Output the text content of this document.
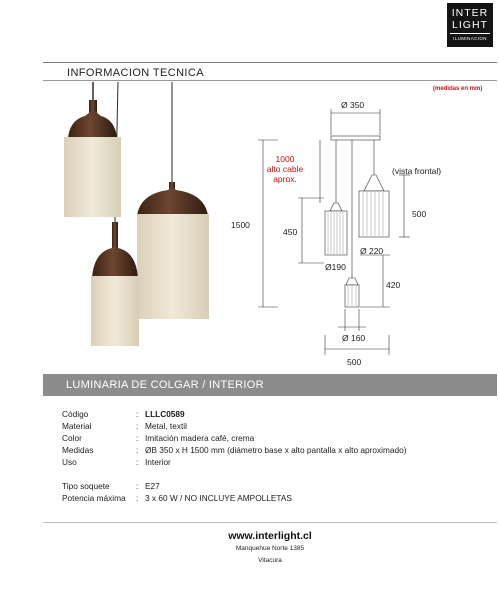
INTER
LIGHT
ILUMINACION
INFORMACION TECNICA
(medidas en mm)
Ø 350
1000
alto cable
aprox.
1500
450
Ø190
Ø 220
(vista frontal)
500
420
Ø 160
500
LUMINARIA DE COLGAR / INTERIOR
Código	: LLLC0589
Material	: Metal, textil
Color	: Imitación madera café, crema
Medidas	: ØB 350 x H 1500 mm (diámetro base x alto pantalla x alto aproximado)
Uso	: Interior
Tipo soquete	: E27
Potencia máxima	: 3 x 60 W / NO INCLUYE AMPOLLETAS
www.interlight.cl
Manquehue Norte 1385
Vitacura
